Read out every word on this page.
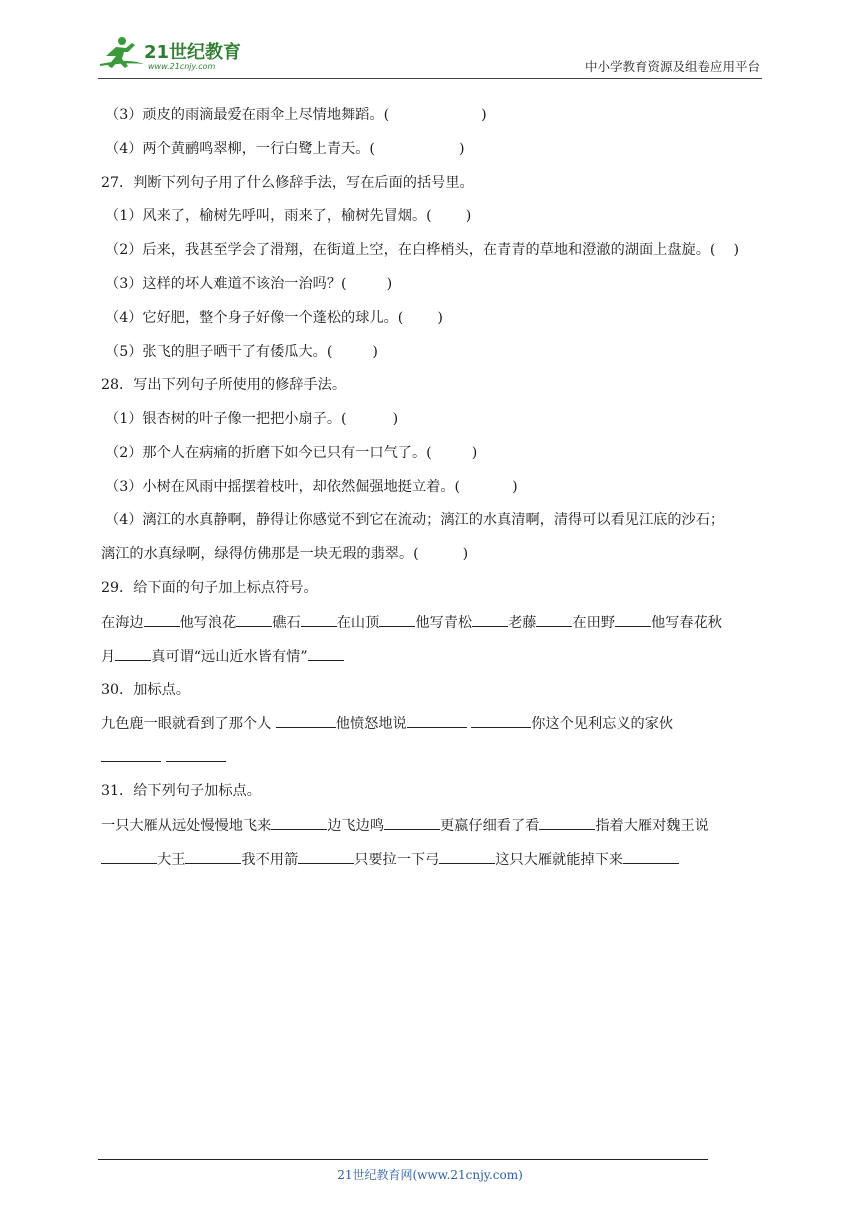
21世纪教育
www.21cnjy.com	中小学教育资源及组卷应用平台
（3）顽皮的雨滴最爱在雨伞上尽情地舞蹈。(	)
（4）两个黄鹂鸣翠柳，一行白鹭上青天。(	)
27．判断下列句子用了什么修辞手法，写在后面的括号里。
（1）风来了，榆树先呼叫，雨来了，榆树先冒烟。( )
（2）后来，我甚至学会了滑翔，在街道上空，在白桦梢头，在青青的草地和澄澈的湖面上盘旋。( )
（3）这样的坏人难道不该治一治吗？(	)
（4）它好肥，整个身子好像一个蓬松的球儿。( )
（5）张飞的胆子晒干了有倭瓜大。(	)
28．写出下列句子所使用的修辞手法。
（1）银杏树的叶子像一把把小扇子。(	)
（2）那个人在病痛的折磨下如今已只有一口气了。(	)
（3）小树在风雨中摇摆着枝叶，却依然倔强地挺立着。(	)
（4）漓江的水真静啊，静得让你感觉不到它在流动；漓江的水真清啊，清得可以看见江底的沙石；
漓江的水真绿啊，绿得仿佛那是一块无瑕的翡翠。(	)
29．给下面的句子加上标点符号。
在海边	他写浪花	礁石	在山顶	他写青松	老藤	在田野	他写春花秋
月	真可谓“远山近水皆有情”
30．加标点。
九色鹿一眼就看到了那个人	他愤怒地说	你这个见利忘义的家伙

31．给下列句子加标点。
一只大雁从远处慢慢地飞来	边飞边鸣	更嬴仔细看了看	指着大雁对魏王说
大王	我不用箭	只要拉一下弓	这只大雁就能掉下来
21世纪教育网(www.21cnjy.com)
